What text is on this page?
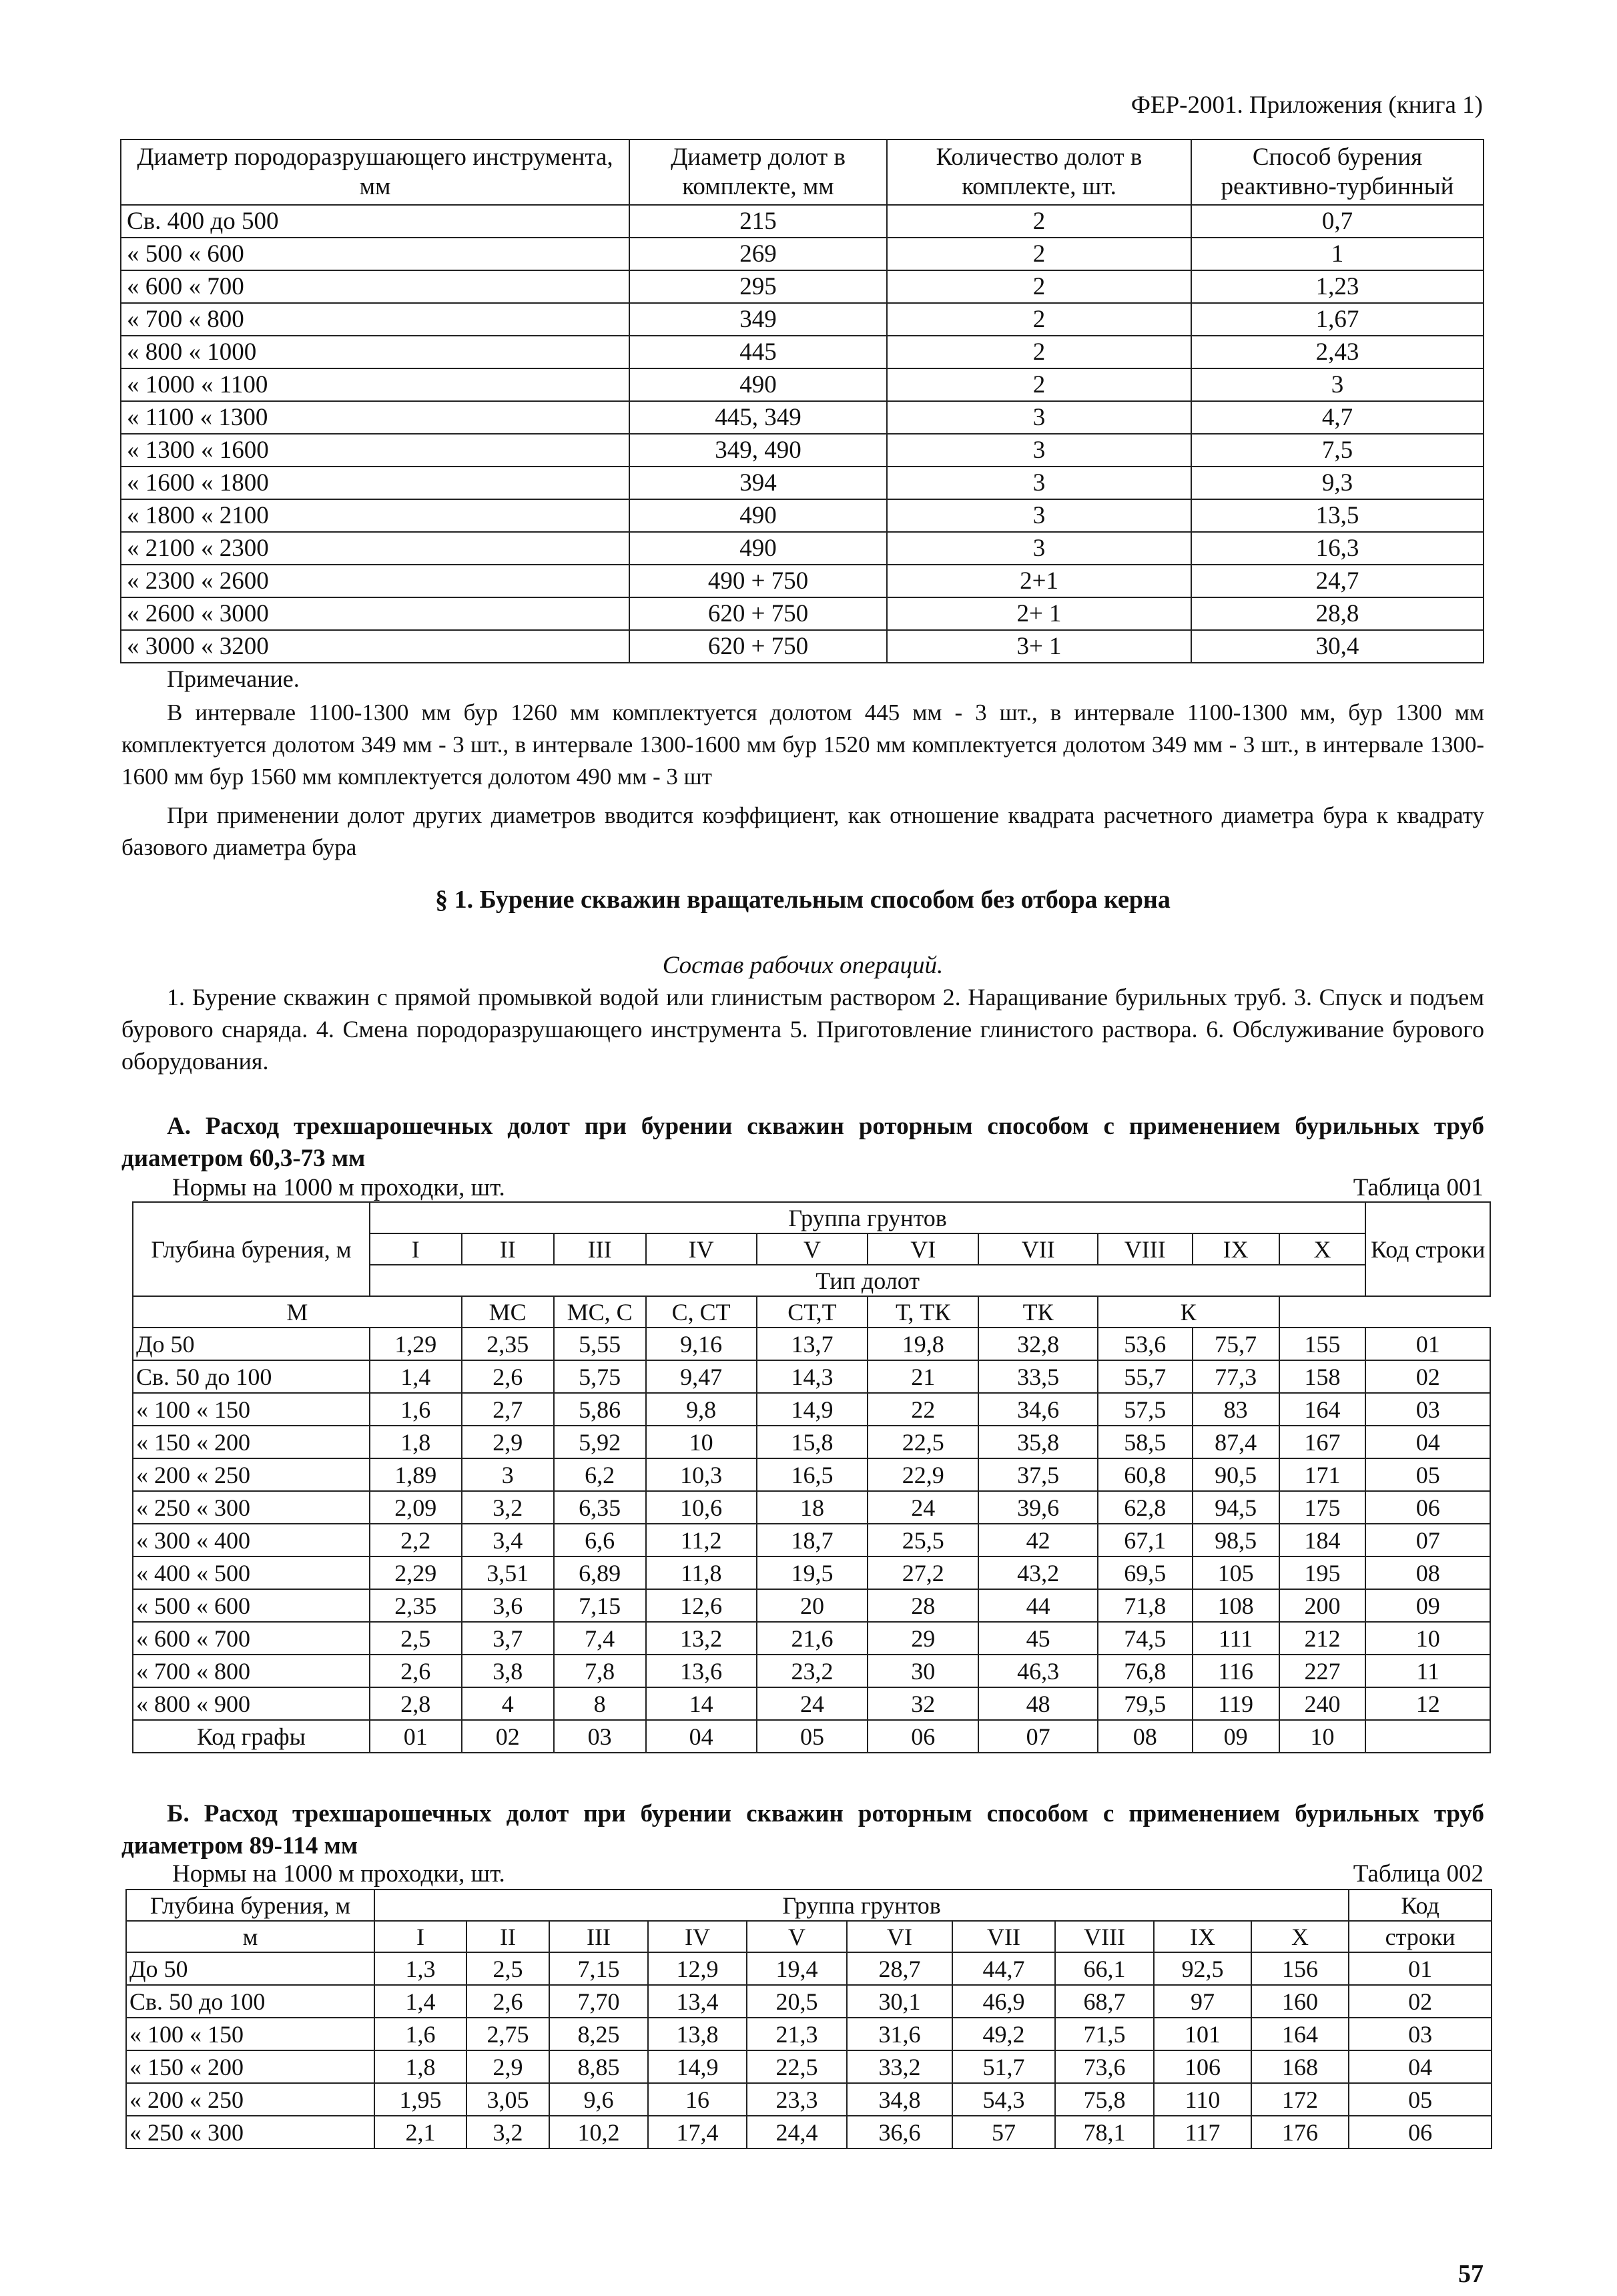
ФЕР-2001. Приложения (книга 1)
Диаметр породоразрушающего инструмента, мм	Диаметр долот в комплекте, мм	Количество долот в комплекте, шт.	Способ бурения реактивно-турбинный
Св. 400 до 500	215	2	0,7
« 500 « 600	269	2	1
« 600 « 700	295	2	1,23
« 700 « 800	349	2	1,67
« 800 « 1000	445	2	2,43
« 1000 « 1100	490	2	3
« 1100 « 1300	445, 349	3	4,7
« 1300 « 1600	349, 490	3	7,5
« 1600 « 1800	394	3	9,3
« 1800 « 2100	490	3	13,5
« 2100 « 2300	490	3	16,3
« 2300 « 2600	490 + 750	2+1	24,7
« 2600 « 3000	620 + 750	2+ 1	28,8
« 3000 « 3200	620 + 750	3+ 1	30,4
Примечание.

В интервале 1100-1300 мм бур 1260 мм комплектуется долотом 445 мм - 3 шт., в интервале 1100-1300 мм, бур 1300 мм комплектуется долотом 349 мм - 3 шт., в интервале 1300-1600 мм бур 1520 мм комплектуется долотом 349 мм - 3 шт., в интервале 1300-1600 мм бур 1560 мм комплектуется долотом 490 мм - 3 шт

При применении долот других диаметров вводится коэффициент, как отношение квадрата расчетного диаметра бура к квадрату базового диаметра бура

§ 1. Бурение скважин вращательным способом без отбора керна
Состав рабочих операций.

1. Бурение скважин с прямой промывкой водой или глинистым раствором 2. Наращивание бурильных труб. 3. Спуск и подъем бурового снаряда. 4. Смена породоразрушающего инструмента 5. Приготовление глинистого раствора. 6. Обслуживание бурового оборудования.

А. Расход трехшарошечных долот при бурении скважин роторным способом с применением бурильных труб диаметром 60,3-73 мм

Нормы на 1000 м проходки, шт.	Таблица 001
Глубина бурения, м	Группа грунтов										Код строки
	I	II	III	IV	V	VI	VII	VIII	IX	X	
	Тип долот										
М		МС	МС, С	С, СТ	СТ,Т	Т, ТК	ТК	К			
До 50	1,29	2,35	5,55	9,16	13,7	19,8	32,8	53,6	75,7	155	01
Св. 50 до 100	1,4	2,6	5,75	9,47	14,3	21	33,5	55,7	77,3	158	02
« 100 « 150	1,6	2,7	5,86	9,8	14,9	22	34,6	57,5	83	164	03
« 150 « 200	1,8	2,9	5,92	10	15,8	22,5	35,8	58,5	87,4	167	04
« 200 « 250	1,89	3	6,2	10,3	16,5	22,9	37,5	60,8	90,5	171	05
« 250 « 300	2,09	3,2	6,35	10,6	18	24	39,6	62,8	94,5	175	06
« 300 « 400	2,2	3,4	6,6	11,2	18,7	25,5	42	67,1	98,5	184	07
« 400 « 500	2,29	3,51	6,89	11,8	19,5	27,2	43,2	69,5	105	195	08
« 500 « 600	2,35	3,6	7,15	12,6	20	28	44	71,8	108	200	09
« 600 « 700	2,5	3,7	7,4	13,2	21,6	29	45	74,5	111	212	10
« 700 « 800	2,6	3,8	7,8	13,6	23,2	30	46,3	76,8	116	227	11
« 800 « 900	2,8	4	8	14	24	32	48	79,5	119	240	12
Код графы	01	02	03	04	05	06	07	08	09	10	

Б. Расход трехшарошечных долот при бурении скважин роторным способом с применением бурильных труб диаметром 89-114 мм

Нормы на 1000 м проходки, шт.	Таблица 002
Глубина бурения, м	Группа грунтов										Код
м	I	II	III	IV	V	VI	VII	VIII	IX	X	строки
До 50	1,3	2,5	7,15	12,9	19,4	28,7	44,7	66,1	92,5	156	01
Св. 50 до 100	1,4	2,6	7,70	13,4	20,5	30,1	46,9	68,7	97	160	02
« 100 « 150	1,6	2,75	8,25	13,8	21,3	31,6	49,2	71,5	101	164	03
« 150 « 200	1,8	2,9	8,85	14,9	22,5	33,2	51,7	73,6	106	168	04
« 200 « 250	1,95	3,05	9,6	16	23,3	34,8	54,3	75,8	110	172	05
« 250 « 300	2,1	3,2	10,2	17,4	24,4	36,6	57	78,1	117	176	06
57
